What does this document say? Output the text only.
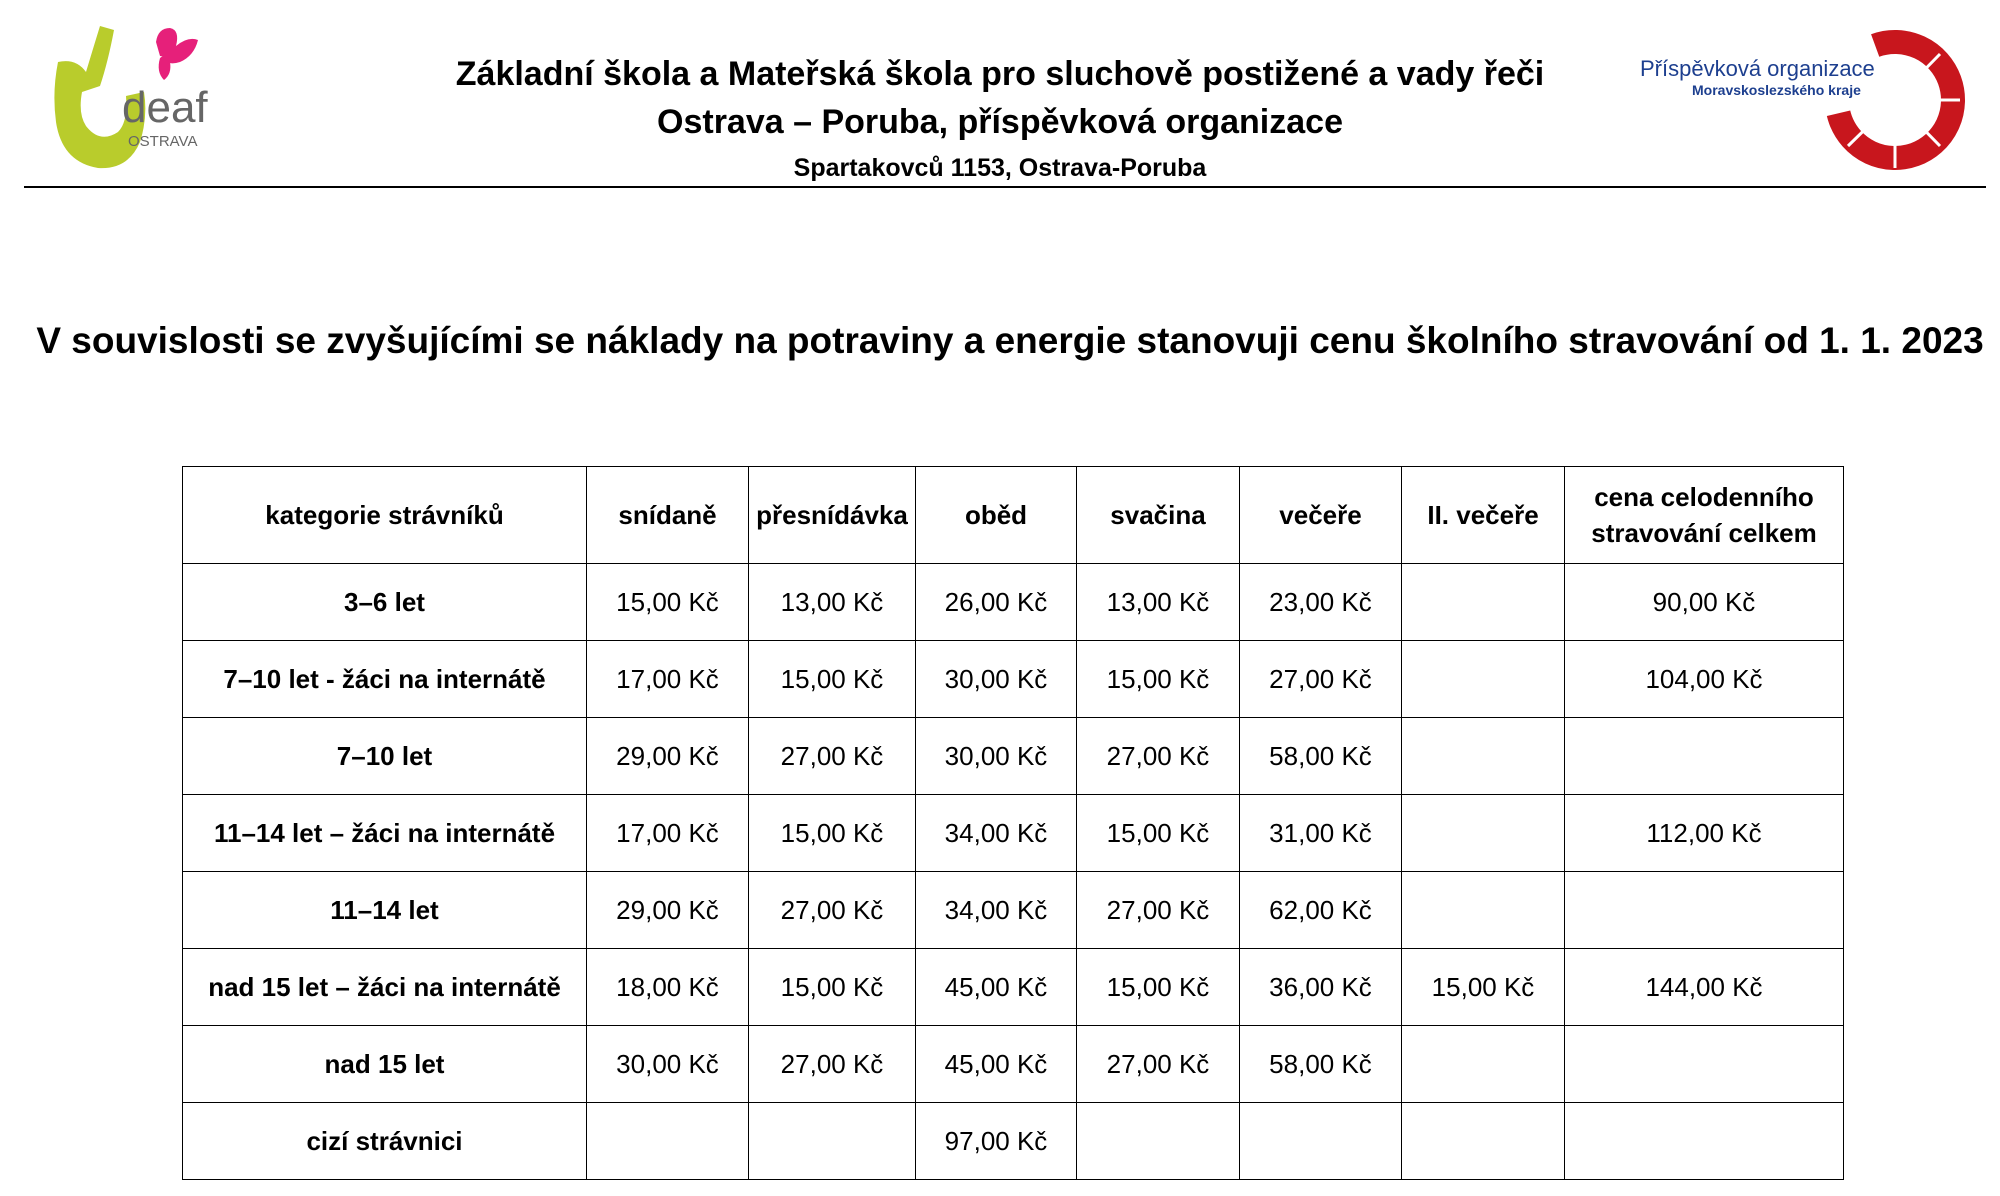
deaf
OSTRAVA
Základní škola a Mateřská škola pro sluchově postižené a vady řeči
Ostrava – Poruba, příspěvková organizace
Spartakovců 1153, Ostrava-Poruba
Příspěvková organizace
Moravskoslezského kraje
V souvislosti se zvyšujícími se náklady na potraviny a energie stanovuji cenu školního stravování od 1. 1. 2023
kategorie strávníků	snídaně	přesnídávka	oběd	svačina	večeře	II. večeře	cena celodenního stravování celkem
3–6 let	15,00 Kč	13,00 Kč	26,00 Kč	13,00 Kč	23,00 Kč		90,00 Kč
7–10 let - žáci na internátě	17,00 Kč	15,00 Kč	30,00 Kč	15,00 Kč	27,00 Kč		104,00 Kč
7–10 let	29,00 Kč	27,00 Kč	30,00 Kč	27,00 Kč	58,00 Kč		
11–14 let – žáci na internátě	17,00 Kč	15,00 Kč	34,00 Kč	15,00 Kč	31,00 Kč		112,00 Kč
11–14 let	29,00 Kč	27,00 Kč	34,00 Kč	27,00 Kč	62,00 Kč		
nad 15 let – žáci na internátě	18,00 Kč	15,00 Kč	45,00 Kč	15,00 Kč	36,00 Kč	15,00 Kč	144,00 Kč
nad 15 let	30,00 Kč	27,00 Kč	45,00 Kč	27,00 Kč	58,00 Kč		
cizí strávnici			97,00 Kč				
